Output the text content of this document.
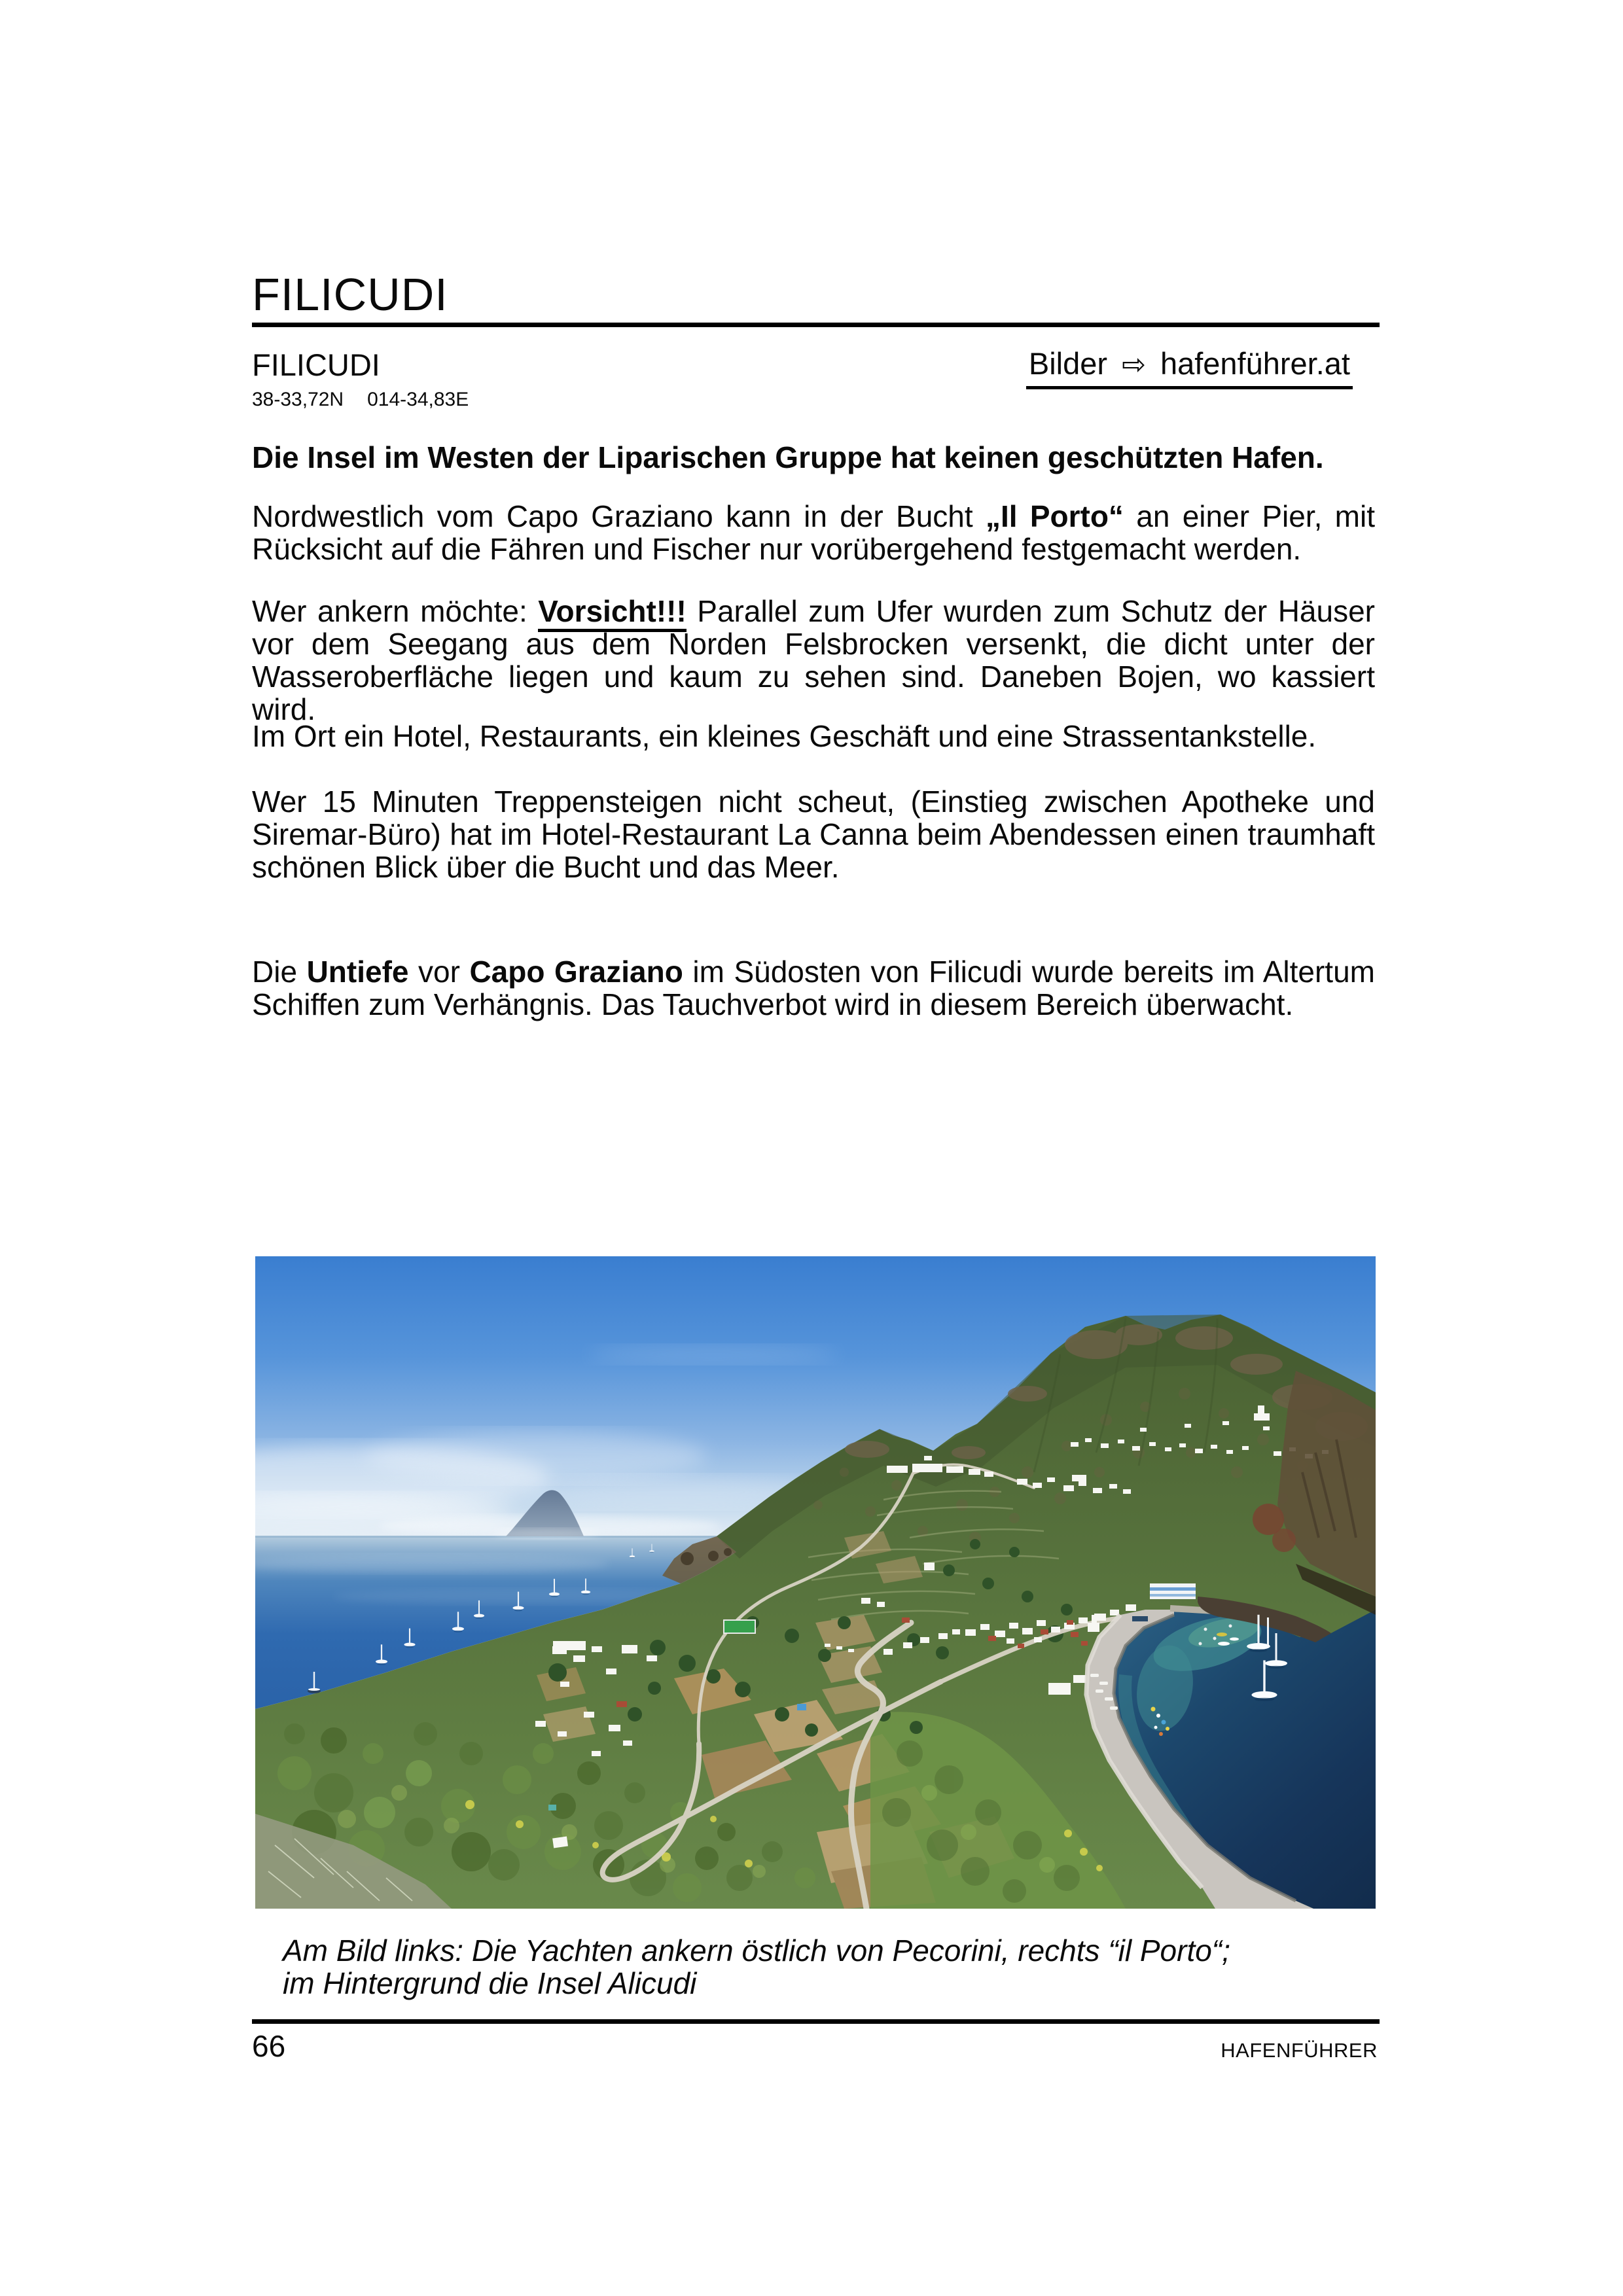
FILICUDI
FILICUDI	Bilder ⇨ hafenführer.at
38-33,72N 014-34,83E
Die Insel im Westen der Liparischen Gruppe hat keinen geschützten Hafen.
Nordwestlich vom Capo Graziano kann in der Bucht „Il Porto“ an einer Pier, mit Rücksicht auf die Fähren und Fischer nur vorübergehend festgemacht werden.
Wer ankern möchte: Vorsicht!!! Parallel zum Ufer wurden zum Schutz der Häuser vor dem Seegang aus dem Norden Felsbrocken versenkt, die dicht unter der Wasseroberfläche liegen und kaum zu sehen sind. Daneben Bojen, wo kassiert wird.
Im Ort ein Hotel, Restaurants, ein kleines Geschäft und eine Strassentankstelle.
Wer 15 Minuten Treppensteigen nicht scheut, (Einstieg zwischen Apotheke und Siremar-Büro) hat im Hotel-Restaurant La Canna beim Abendessen einen traumhaft schönen Blick über die Bucht und das Meer.
Die Untiefe vor Capo Graziano im Südosten von Filicudi wurde bereits im Altertum Schiffen zum Verhängnis. Das Tauchverbot wird in diesem Bereich überwacht.
Am Bild links: Die Yachten ankern östlich von Pecorini, rechts “il Porto“;
im Hintergrund die Insel Alicudi
66	HAFENFÜHRER
